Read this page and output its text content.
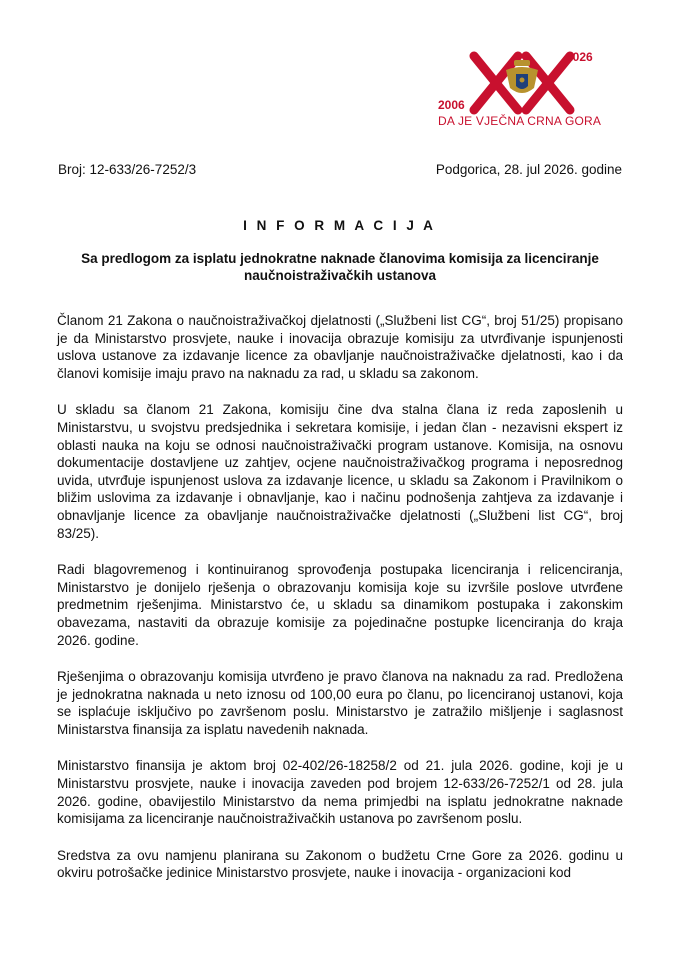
2006
2026
DA JE VJEČNA CRNA GORA
Broj: 12-633/26-7252/3	Podgorica, 28. jul 2026. godine
I N F O R M A C I J A
Sa predlogom za isplatu jednokratne naknade članovima komisija za licenciranje naučnoistraživačkih ustanova

Članom 21 Zakona o naučnoistraživačkoj djelatnosti („Službeni list CG“, broj 51/25) propisano je da Ministarstvo prosvjete, nauke i inovacija obrazuje komisiju za utvrđivanje ispunjenosti uslova ustanove za izdavanje licence za obavljanje naučnoistraživačke djelatnosti, kao i da članovi komisije imaju pravo na naknadu za rad, u skladu sa zakonom.

U skladu sa članom 21 Zakona, komisiju čine dva stalna člana iz reda zaposlenih u Ministarstvu, u svojstvu predsjednika i sekretara komisije, i jedan član - nezavisni ekspert iz oblasti nauka na koju se odnosi naučnoistraživački program ustanove. Komisija, na osnovu dokumentacije dostavljene uz zahtjev, ocjene naučnoistraživačkog programa i neposrednog uvida, utvrđuje ispunjenost uslova za izdavanje licence, u skladu sa Zakonom i Pravilnikom o bližim uslovima za izdavanje i obnavljanje, kao i načinu podnošenja zahtjeva za izdavanje i obnavljanje licence za obavljanje naučnoistraživačke djelatnosti („Službeni list CG“, broj 83/25).

Radi blagovremenog i kontinuiranog sprovođenja postupaka licenciranja i relicenciranja, Ministarstvo je donijelo rješenja o obrazovanju komisija koje su izvršile poslove utvrđene predmetnim rješenjima. Ministarstvo će, u skladu sa dinamikom postupaka i zakonskim obavezama, nastaviti da obrazuje komisije za pojedinačne postupke licenciranja do kraja 2026. godine.

Rješenjima o obrazovanju komisija utvrđeno je pravo članova na naknadu za rad. Predložena je jednokratna naknada u neto iznosu od 100,00 eura po članu, po licenciranoj ustanovi, koja se isplaćuje isključivo po završenom poslu. Ministarstvo je zatražilo mišljenje i saglasnost Ministarstva finansija za isplatu navedenih naknada.

Ministarstvo finansija je aktom broj 02-402/26-18258/2 od 21. jula 2026. godine, koji je u Ministarstvu prosvjete, nauke i inovacija zaveden pod brojem 12-633/26-7252/1 od 28. jula 2026. godine, obavijestilo Ministarstvo da nema primjedbi na isplatu jednokratne naknade komisijama za licenciranje naučnoistraživačkih ustanova po završenom poslu.

Sredstva za ovu namjenu planirana su Zakonom o budžetu Crne Gore za 2026. godinu u okviru potrošačke jedinice Ministarstvo prosvjete, nauke i inovacija - organizacioni kod
